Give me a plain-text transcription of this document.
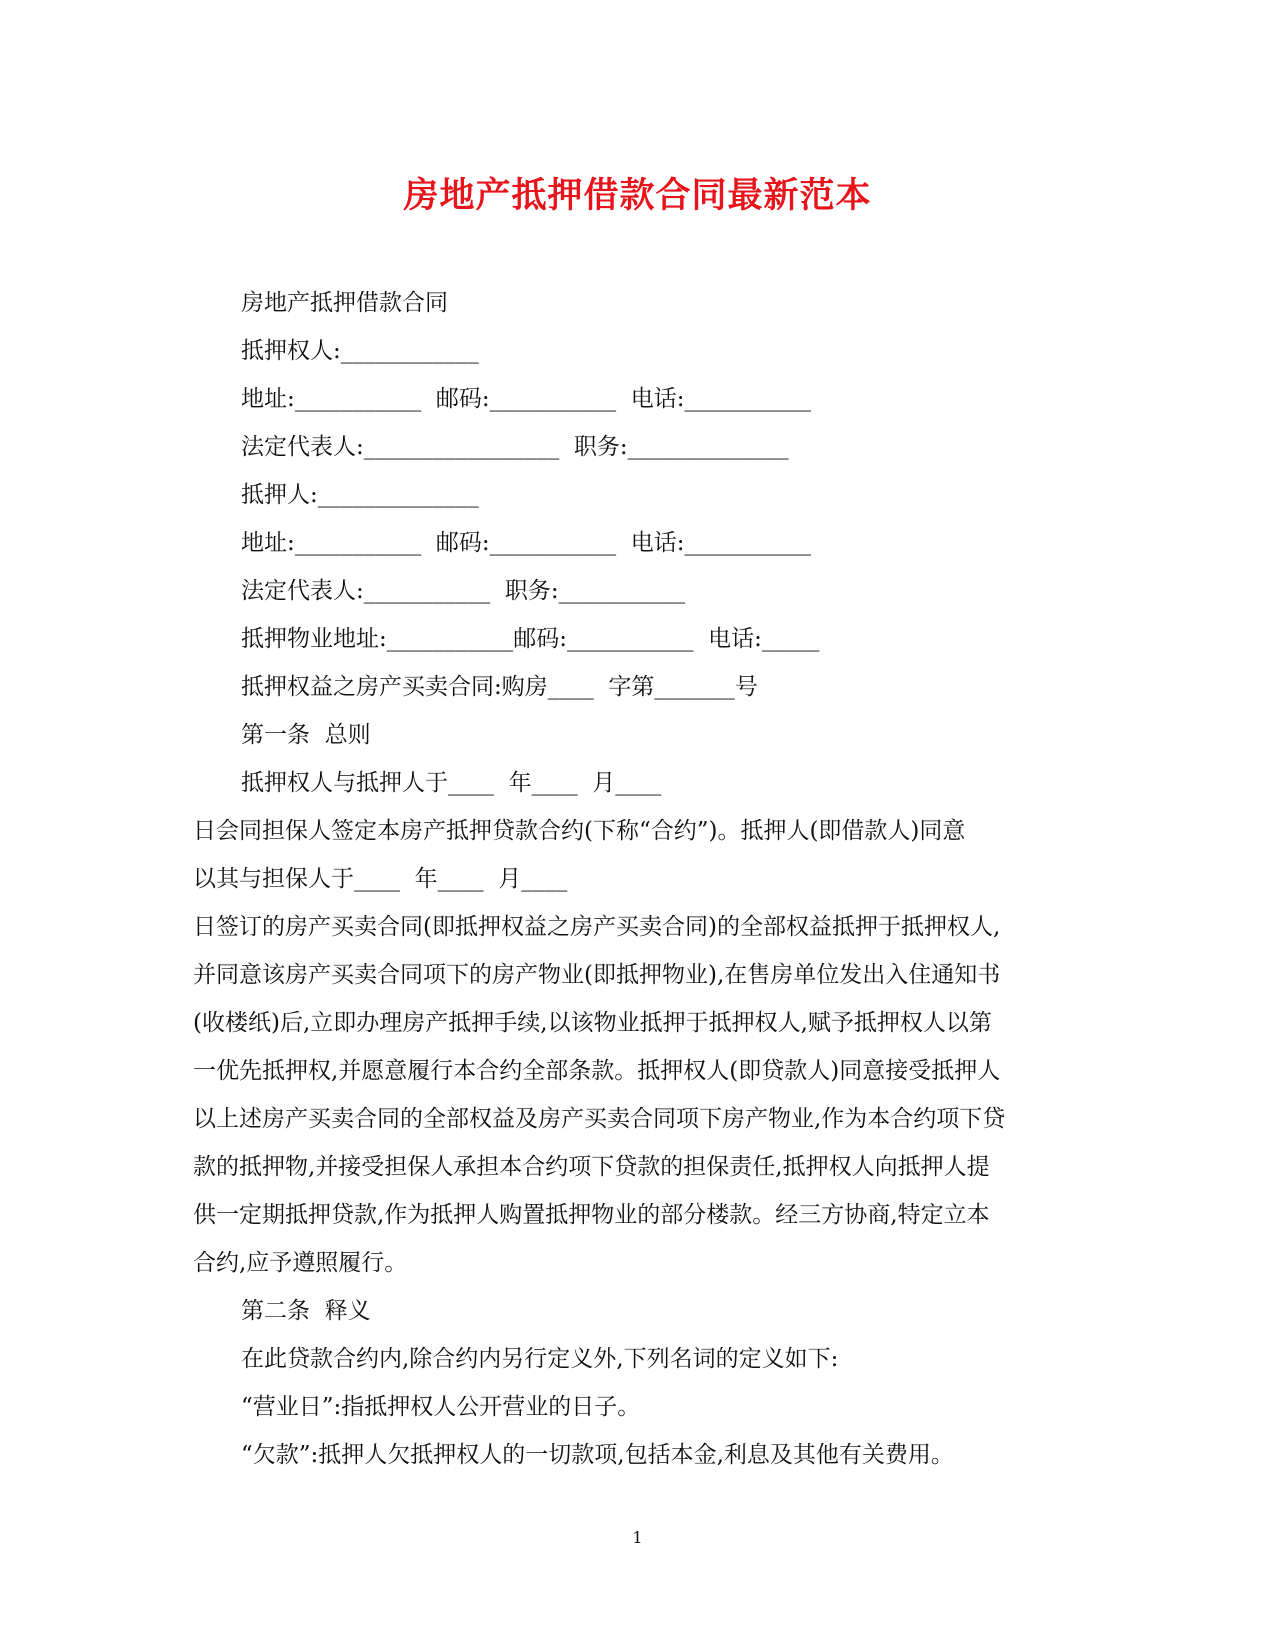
房地产抵押借款合同最新范本
房地产抵押借款合同
抵押权人:____________
地址:___________  邮码:___________  电话:___________
法定代表人:_________________  职务:______________
抵押人:______________
地址:___________  邮码:___________  电话:___________
法定代表人:___________  职务:___________
抵押物业地址:___________邮码:___________  电话:_____
抵押权益之房产买卖合同:购房____  字第_______号
第一条  总则
抵押权人与抵押人于____  年____  月____
日会同担保人签定本房产抵押贷款合约(下称“合约”)。抵押人(即借款人)同意
以其与担保人于____  年____  月____
日签订的房产买卖合同(即抵押权益之房产买卖合同)的全部权益抵押于抵押权人,
并同意该房产买卖合同项下的房产物业(即抵押物业),在售房单位发出入住通知书
(收楼纸)后,立即办理房产抵押手续,以该物业抵押于抵押权人,赋予抵押权人以第
一优先抵押权,并愿意履行本合约全部条款。抵押权人(即贷款人)同意接受抵押人
以上述房产买卖合同的全部权益及房产买卖合同项下房产物业,作为本合约项下贷
款的抵押物,并接受担保人承担本合约项下贷款的担保责任,抵押权人向抵押人提
供一定期抵押贷款,作为抵押人购置抵押物业的部分楼款。经三方协商,特定立本
合约,应予遵照履行。
第二条  释义
在此贷款合约内,除合约内另行定义外,下列名词的定义如下:
“营业日”:指抵押权人公开营业的日子。
“欠款”:抵押人欠抵押权人的一切款项,包括本金,利息及其他有关费用。
1
